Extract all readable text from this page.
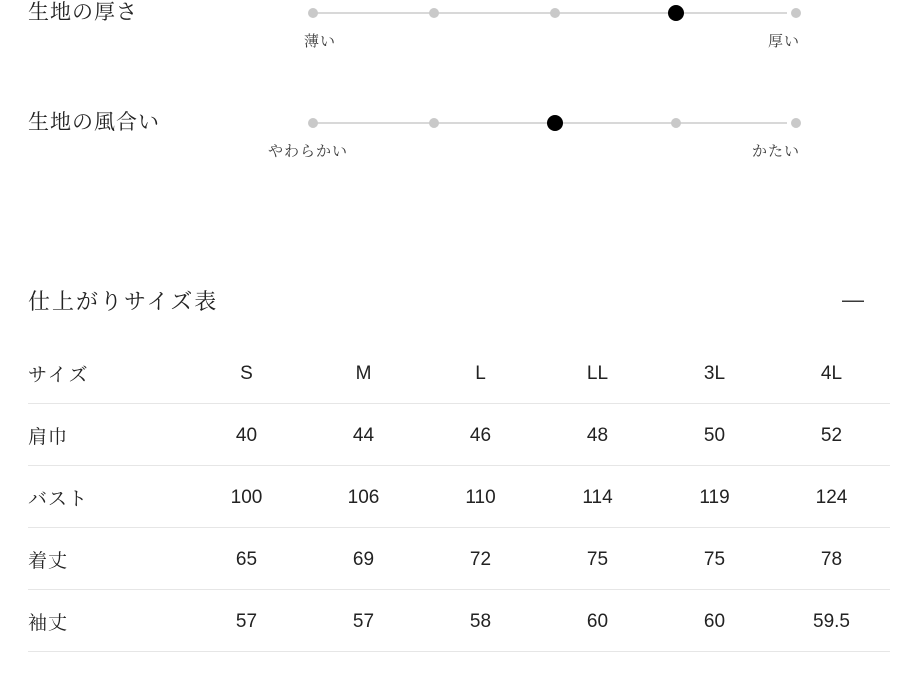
生地の厚さ
薄い	厚い
生地の風合い
やわらかい	かたい
仕上がりサイズ表	—
サイズ	S	M	L	LL	3L	4L
肩巾	40	44	46	48	50	52
バスト	100	106	110	114	119	124
着丈	65	69	72	75	75	78
袖丈	57	57	58	60	60	59.5
